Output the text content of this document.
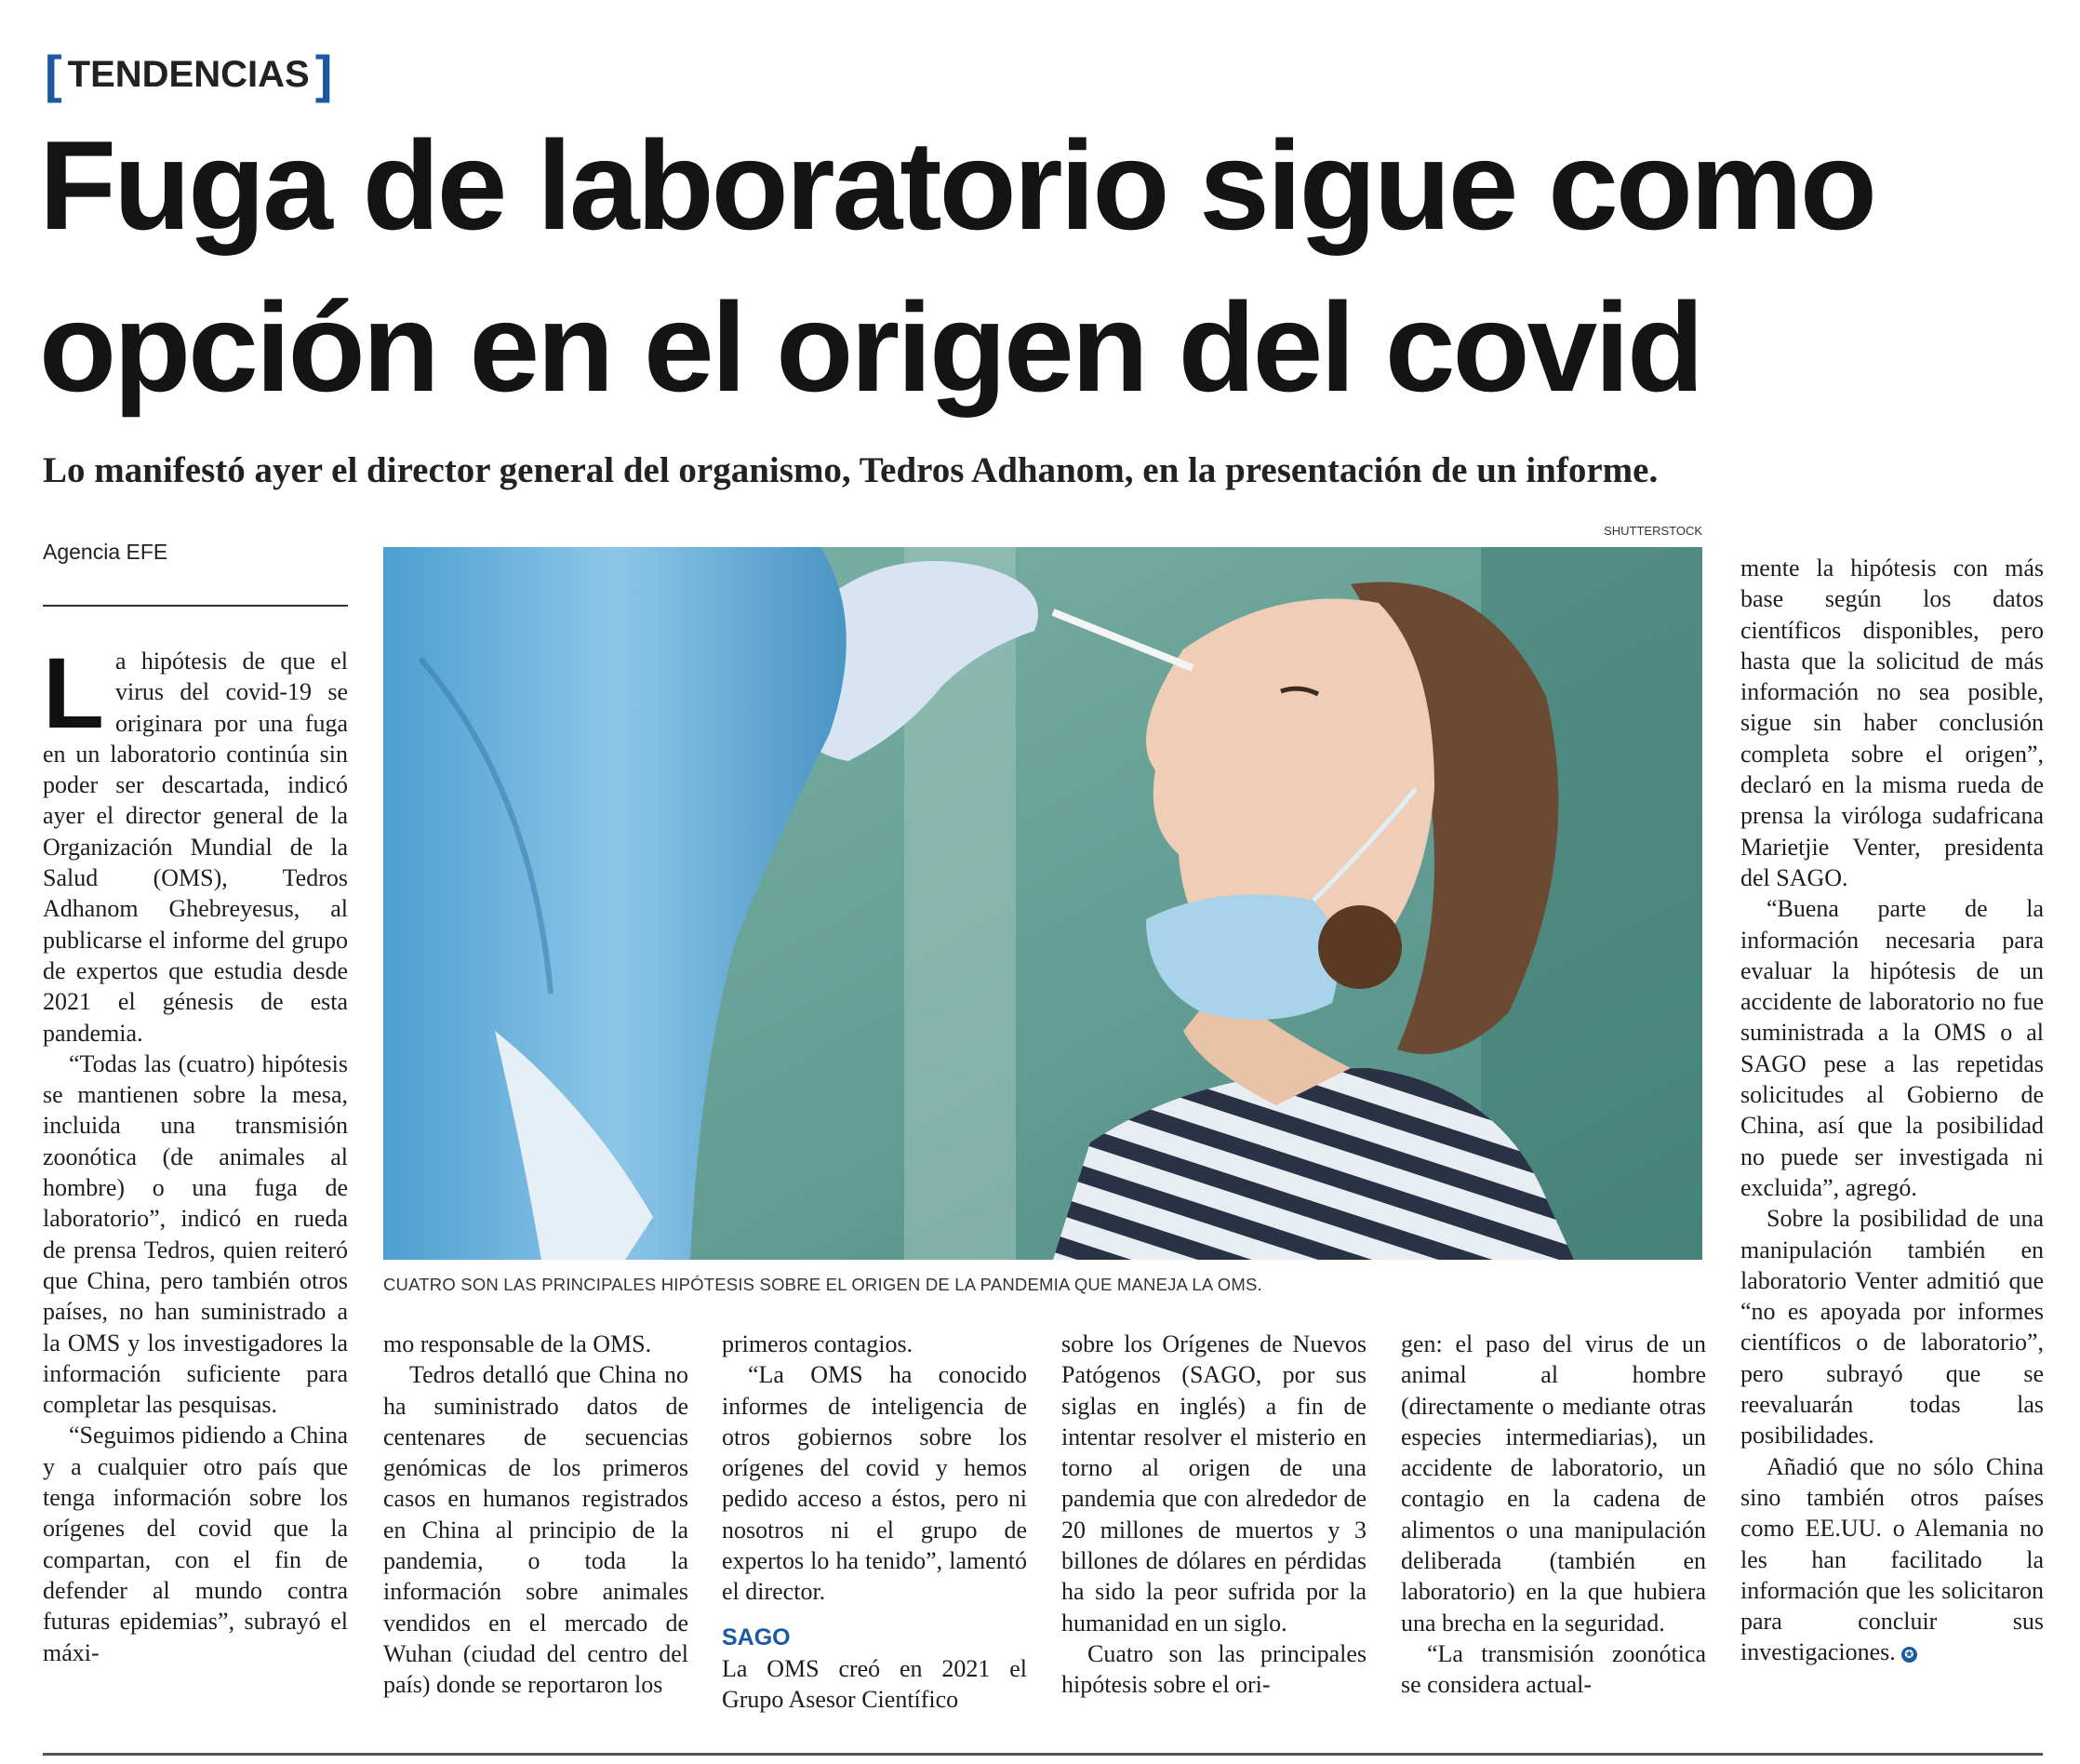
[ TENDENCIAS ]
Fuga de laboratorio sigue como opción en el origen del covid

Lo manifestó ayer el director general del organismo, Tedros Adhanom, en la presentación de un informe.

Agencia EFE
SHUTTERSTOCK
CUATRO SON LAS PRINCIPALES HIPÓTESIS SOBRE EL ORIGEN DE LA PANDEMIA QUE MANEJA LA OMS.

La hipótesis de que el virus del covid-19 se originara por una fuga en un laboratorio continúa sin poder ser descartada, indicó ayer el director general de la Organización Mundial de la Salud (OMS), Tedros Adhanom Ghebreyesus, al publicarse el informe del grupo de expertos que estudia desde 2021 el génesis de esta pandemia.

“Todas las (cuatro) hipótesis se mantienen sobre la mesa, incluida una transmisión zoonótica (de animales al hombre) o una fuga de laboratorio”, indicó en rueda de prensa Tedros, quien reiteró que China, pero también otros países, no han suministrado a la OMS y los investigadores la información suficiente para completar las pesquisas.

“Seguimos pidiendo a China y a cualquier otro país que tenga información sobre los orígenes del covid que la compartan, con el fin de defender al mundo contra futuras epidemias”, subrayó el máxi-

mo responsable de la OMS.

Tedros detalló que China no ha suministrado datos de centenares de secuencias genómicas de los primeros casos en humanos registrados en China al principio de la pandemia, o toda la información sobre animales vendidos en el mercado de Wuhan (ciudad del centro del país) donde se reportaron los

primeros contagios.

“La OMS ha conocido informes de inteligencia de otros gobiernos sobre los orígenes del covid y hemos pedido acceso a éstos, pero ni nosotros ni el grupo de expertos lo ha tenido”, lamentó el director.

SAGO

La OMS creó en 2021 el Grupo Asesor Científico

sobre los Orígenes de Nuevos Patógenos (SAGO, por sus siglas en inglés) a fin de intentar resolver el misterio en torno al origen de una pandemia que con alrededor de 20 millones de muertos y 3 billones de dólares en pérdidas ha sido la peor sufrida por la humanidad en un siglo.

Cuatro son las principales hipótesis sobre el ori-

gen: el paso del virus de un animal al hombre (directamente o mediante otras especies intermediarias), un accidente de laboratorio, un contagio en la cadena de alimentos o una manipulación deliberada (también en laboratorio) en la que hubiera una brecha en la seguridad.

“La transmisión zoonótica se considera actual-

mente la hipótesis con más base según los datos científicos disponibles, pero hasta que la solicitud de más información no sea posible, sigue sin haber conclusión completa sobre el origen”, declaró en la misma rueda de prensa la viróloga sudafricana Marietjie Venter, presidenta del SAGO.

“Buena parte de la información necesaria para evaluar la hipótesis de un accidente de laboratorio no fue suministrada a la OMS o al SAGO pese a las repetidas solicitudes al Gobierno de China, así que la posibilidad no puede ser investigada ni excluida”, agregó.

Sobre la posibilidad de una manipulación también en laboratorio Venter admitió que “no es apoyada por informes científicos o de laboratorio”, pero subrayó que se reevaluarán todas las posibilidades.

Añadió que no sólo China sino también otros países como EE.UU. o Alemania no les han facilitado la información que les solicitaron para concluir sus investigaciones. ✪
